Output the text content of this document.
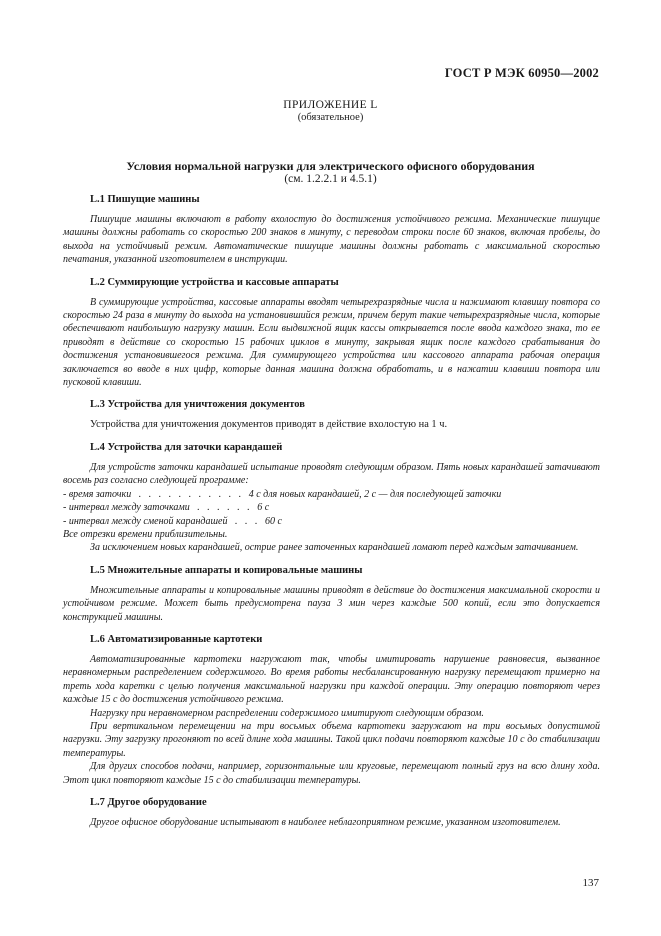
ГОСТ Р МЭК 60950—2002
ПРИЛОЖЕНИЕ L
(обязательное)
Условия нормальной нагрузки для электрического офисного оборудования
(см. 1.2.2.1 и 4.5.1)
L.1 Пишущие машины

Пишущие машины включают в работу вхолостую до достижения устойчивого режима. Механические пишущие машины должны работать со скоростью 200 знаков в минуту, с переводом строки после 60 знаков, включая пробелы, до выхода на устойчивый режим. Автоматические пишущие машины должны работать с максимальной скоростью печатания, указанной изготовителем в инструкции.

L.2 Суммирующие устройства и кассовые аппараты

В суммирующие устройства, кассовые аппараты вводят четырехразрядные числа и нажимают клавишу повтора со скоростью 24 раза в минуту до выхода на установившийся режим, причем берут такие четырехразрядные числа, которые обеспечивают наибольшую нагрузку машин. Если выдвижной ящик кассы открывается после ввода каждого знака, то ее приводят в действие со скоростью 15 рабочих циклов в минуту, закрывая ящик после каждого срабатывания до достижения установившегося режима. Для суммирующего устройства или кассового аппарата рабочая операция заключается во вводе в них цифр, которые данная машина должна обработать, и в нажатии клавиши повтора или пусковой клавиши.

L.3 Устройства для уничтожения документов

Устройства для уничтожения документов приводят в действие вхолостую на 1 ч.

L.4 Устройства для заточки карандашей

Для устройств заточки карандашей испытание проводят следующим образом. Пять новых карандашей затачивают восемь раз согласно следующей программе:

- время заточки   .   .   .   .   .   .   .   .   .   .   .   4 с для новых карандашей, 2 с — для последующей заточки

- интервал между заточками   .   .   .   .   .   .   6 с

- интервал между сменой карандашей   .   .   .   60 с

Все отрезки времени приблизительны.

За исключением новых карандашей, острие ранее заточенных карандашей ломают перед каждым затачиванием.

L.5 Множительные аппараты и копировальные машины

Множительные аппараты и копировальные машины приводят в действие до достижения максимальной скорости и устойчивом режиме. Может быть предусмотрена пауза 3 мин через каждые 500 копий, если это допускается конструкцией машины.

L.6 Автоматизированные картотеки

Автоматизированные картотеки нагружают так, чтобы имитировать нарушение равновесия, вызванное неравномерным распределением содержимого. Во время работы несбалансированную нагрузку перемещают примерно на треть хода каретки с целью получения максимальной нагрузки при каждой операции. Эту операцию повторяют через каждые 15 с до достижения устойчивого режима.

Нагрузку при неравномерном распределении содержимого имитируют следующим образом.

При вертикальном перемещении на три восьмых объема картотеки загружают на три восьмых допустимой нагрузки. Эту загрузку прогоняют по всей длине хода машины. Такой цикл подачи повторяют каждые 10 с до стабилизации температуры.

Для других способов подачи, например, горизонтальные или круговые, перемещают полный груз на всю длину хода. Этот цикл повторяют каждые 15 с до стабилизации температуры.

L.7 Другое оборудование

Другое офисное оборудование испытывают в наиболее неблагоприятном режиме, указанном изготовителем.

137
